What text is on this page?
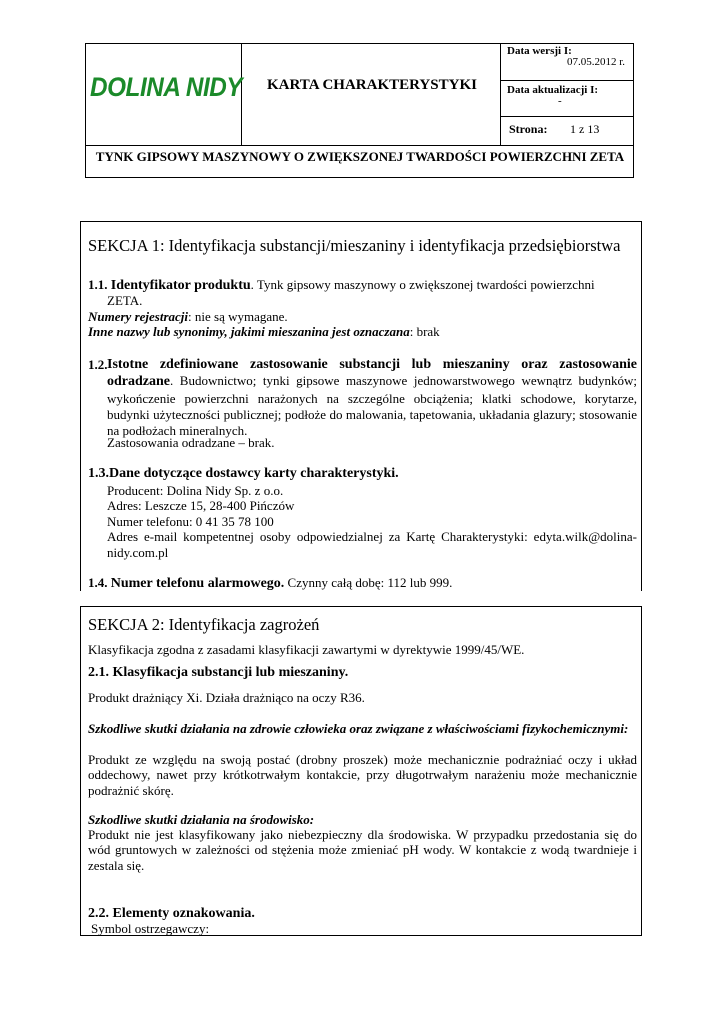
DOLINA NIDY KARTA CHARAKTERYSTYKI
Data wersji I:
07.05.2012 r.
Data aktualizacji I:
-
Strona: 1 z 13
TYNK GIPSOWY MASZYNOWY O ZWIĘKSZONEJ TWARDOŚCI POWIERZCHNI ZETA
SEKCJA 1: Identyfikacja substancji/mieszaniny i identyfikacja przedsiębiorstwa
1.1. Identyfikator produktu. Tynk gipsowy maszynowy o zwiększonej twardości powierzchni
ZETA.
Numery rejestracji: nie są wymagane.
Inne nazwy lub synonimy, jakimi mieszanina jest oznaczana: brak
1.2. Istotne zdefiniowane zastosowanie substancji lub mieszaniny oraz zastosowanie odradzane. Budownictwo; tynki gipsowe maszynowe jednowarstwowego wewnątrz budynków; wykończenie powierzchni narażonych na szczególne obciążenia; klatki schodowe, korytarze, budynki użyteczności publicznej; podłoże do malowania, tapetowania, układania glazury; stosowanie na podłożach mineralnych.
Zastosowania odradzane – brak.
1.3.Dane dotyczące dostawcy karty charakterystyki.
Producent: Dolina Nidy Sp. z o.o.
Adres: Leszcze 15, 28-400 Pińczów
Numer telefonu: 0 41 35 78 100
Adres e-mail kompetentnej osoby odpowiedzialnej za Kartę Charakterystyki: edyta.wilk@dolina-nidy.com.pl
1.4. Numer telefonu alarmowego. Czynny całą dobę: 112 lub 999.
SEKCJA 2: Identyfikacja zagrożeń
Klasyfikacja zgodna z zasadami klasyfikacji zawartymi w dyrektywie 1999/45/WE.
2.1. Klasyfikacja substancji lub mieszaniny.
Produkt drażniący Xi. Działa drażniąco na oczy R36.
Szkodliwe skutki działania na zdrowie człowieka oraz związane z właściwościami fizykochemicznymi:
Produkt ze względu na swoją postać (drobny proszek) może mechanicznie podrażniać oczy i układ oddechowy, nawet przy krótkotrwałym kontakcie, przy długotrwałym narażeniu może mechanicznie podrażnić skórę.
Szkodliwe skutki działania na środowisko:
Produkt nie jest klasyfikowany jako niebezpieczny dla środowiska. W przypadku przedostania się do wód gruntowych w zależności od stężenia może zmieniać pH wody. W kontakcie z wodą twardnieje i zestala się.
2.2. Elementy oznakowania.
Symbol ostrzegawczy:
